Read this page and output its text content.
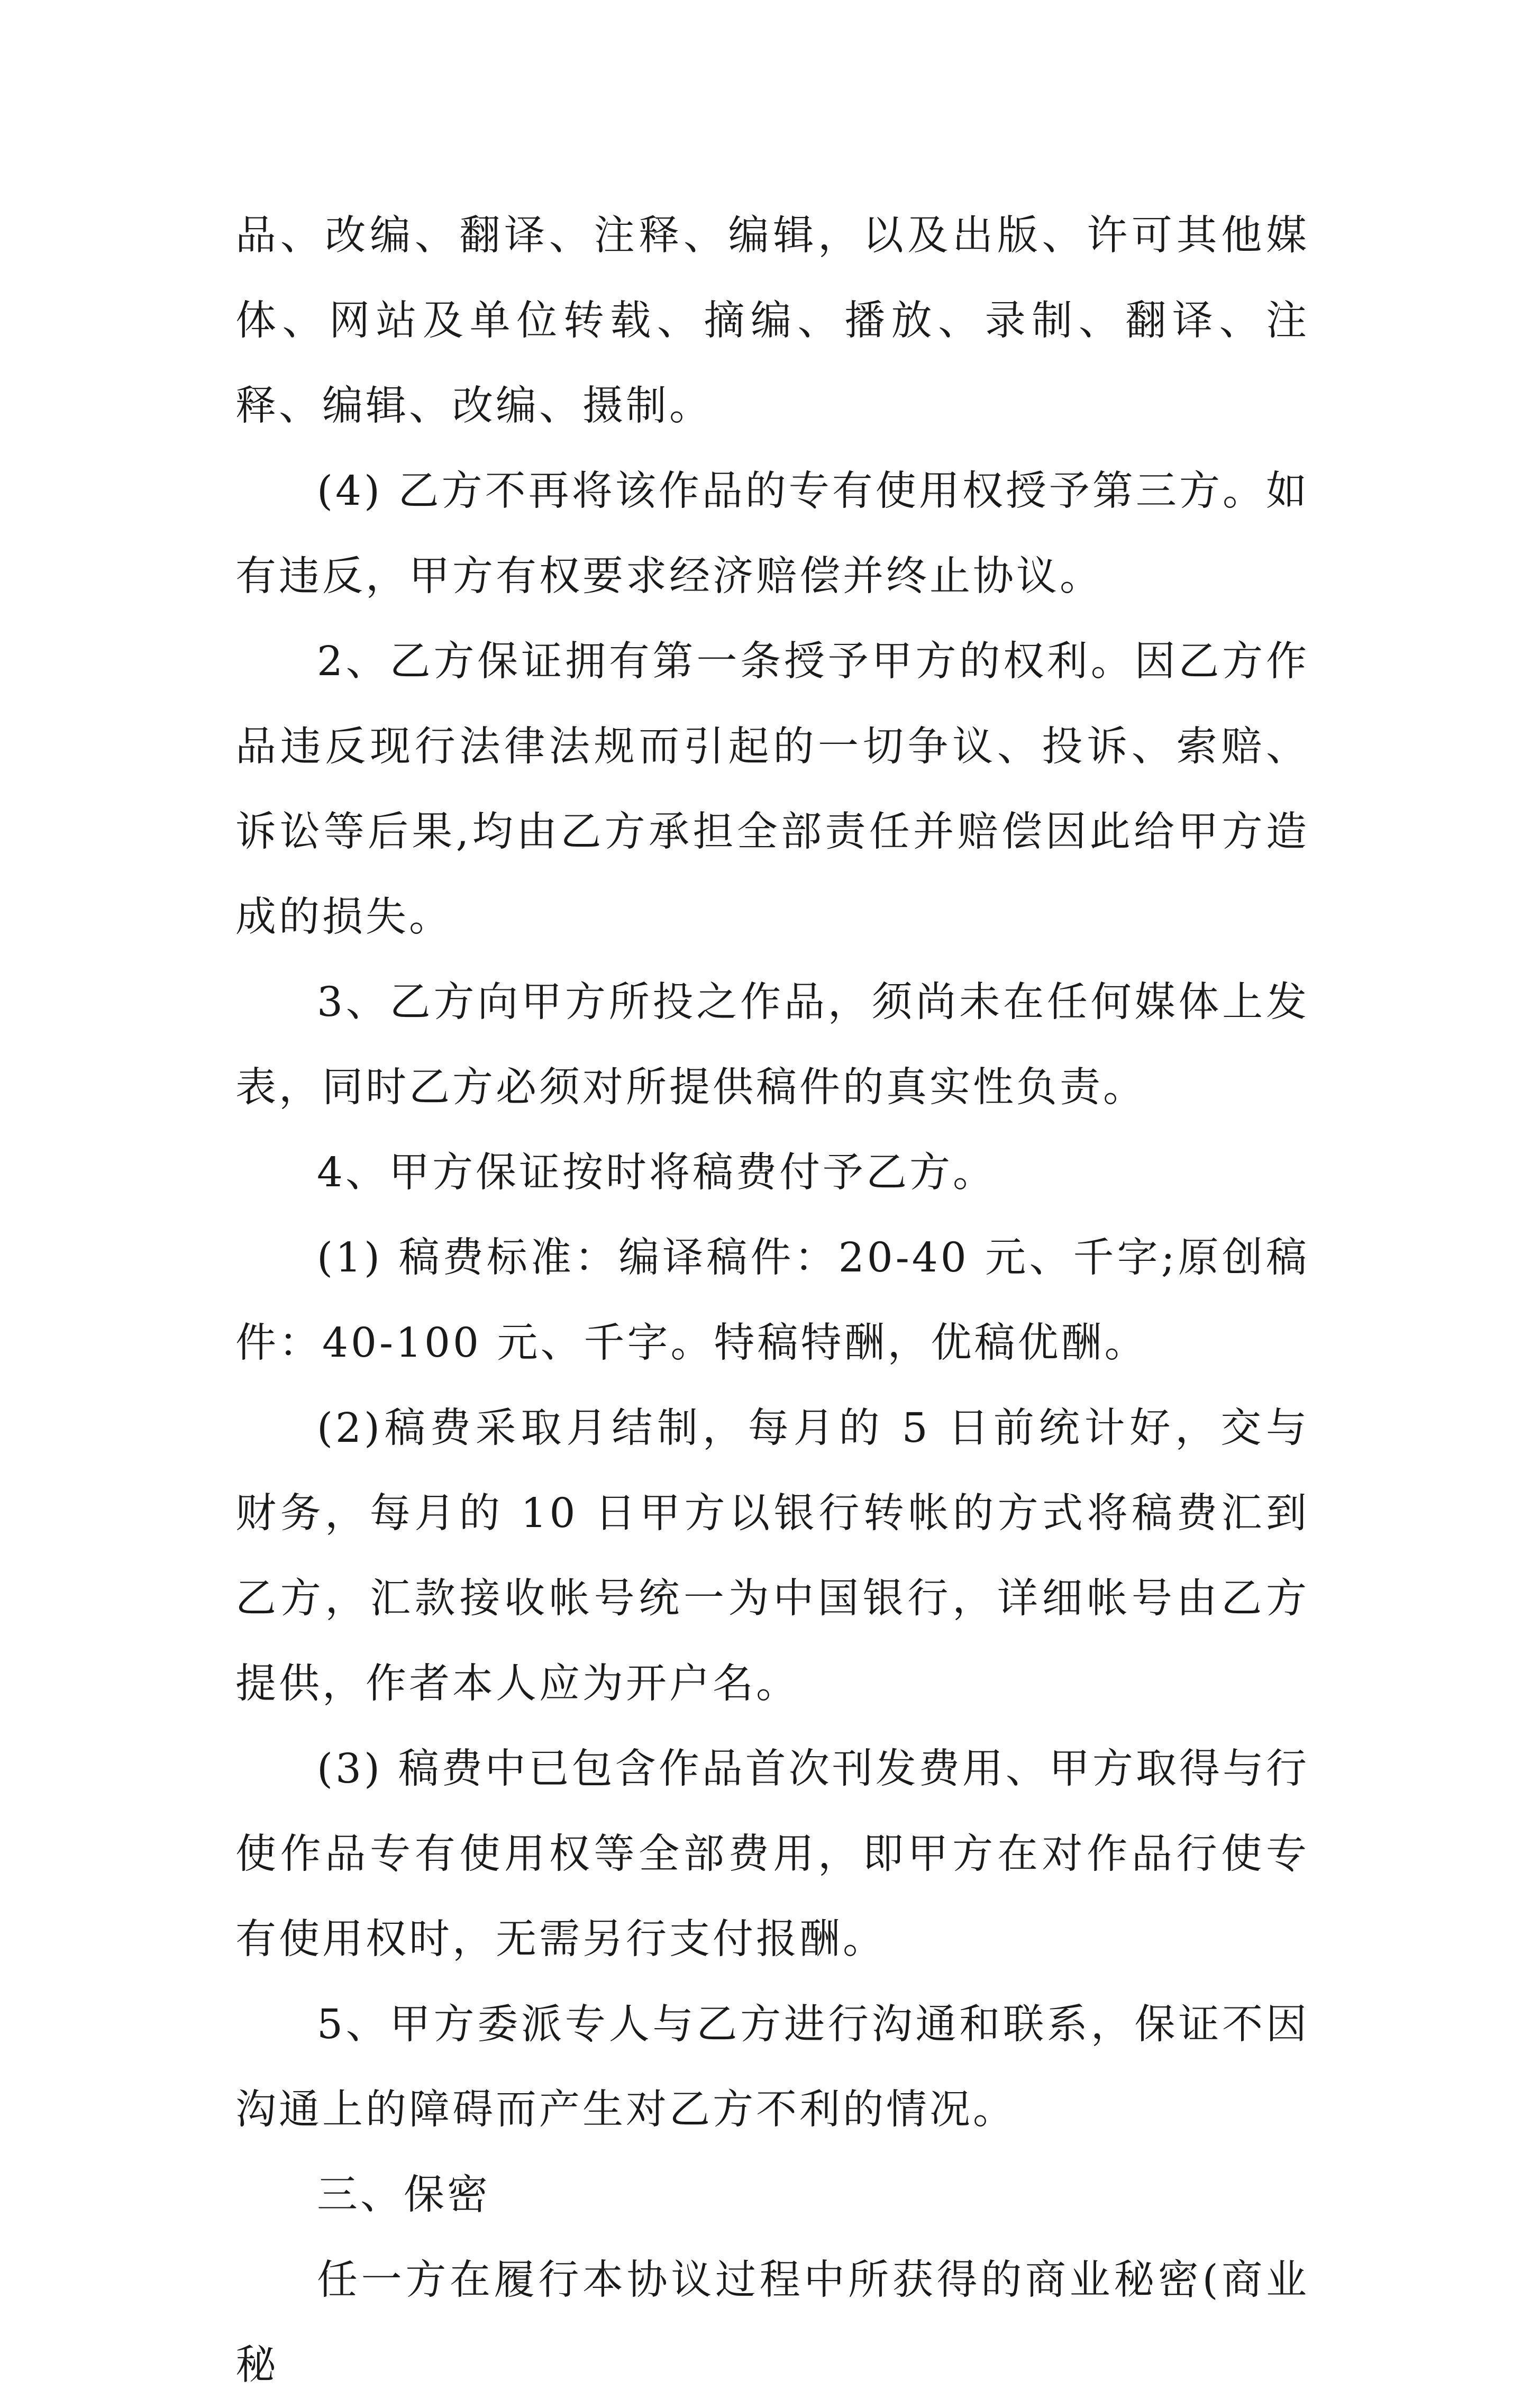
品、改编、翻译、注释、编辑，以及出版、许可其他媒体、网站及单位转载、摘编、播放、录制、翻译、注释、编辑、改编、摄制。

(4) 乙方不再将该作品的专有使用权授予第三方。如有违反，甲方有权要求经济赔偿并终止协议。

2、乙方保证拥有第一条授予甲方的权利。因乙方作品违反现行法律法规而引起的一切争议、投诉、索赔、诉讼等后果,均由乙方承担全部责任并赔偿因此给甲方造成的损失。

3、乙方向甲方所投之作品，须尚未在任何媒体上发表，同时乙方必须对所提供稿件的真实性负责。

4、甲方保证按时将稿费付予乙方。

(1) 稿费标准：编译稿件：20-40 元、千字;原创稿件：40-100 元、千字。特稿特酬，优稿优酬。

(2)稿费采取月结制，每月的 5 日前统计好，交与财务，每月的 10 日甲方以银行转帐的方式将稿费汇到乙方，汇款接收帐号统一为中国银行，详细帐号由乙方提供，作者本人应为开户名。

(3) 稿费中已包含作品首次刊发费用、甲方取得与行使作品专有使用权等全部费用，即甲方在对作品行使专有使用权时，无需另行支付报酬。

5、甲方委派专人与乙方进行沟通和联系，保证不因沟通上的障碍而产生对乙方不利的情况。

三、保密

任一方在履行本协议过程中所获得的商业秘密(商业秘
